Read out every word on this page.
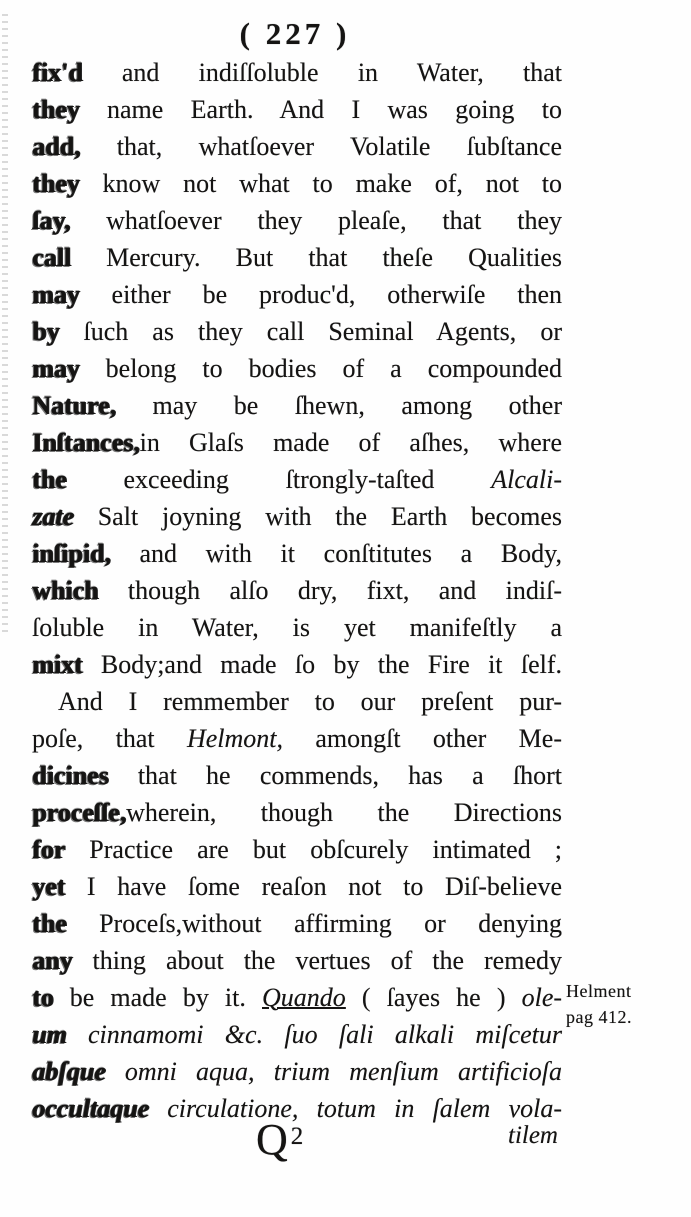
( 227 )
fix'd and indiſſoluble in Water, that
they name Earth. And I was going to
add, that, whatſoever Volatile ſubſtance
they know not what to make of, not to
ſay, whatſoever they pleaſe, that they
call Mercury. But that theſe Qualities
may either be produc'd, otherwiſe then
by ſuch as they call Seminal Agents, or
may belong to bodies of a compounded
Nature, may be ſhewn, among other
Inſtances,in Glaſs made of aſhes, where
the exceeding ſtrongly-taſted Alcali-
zate Salt joyning with the Earth becomes
inſipid, and with it conſtitutes a Body,
which though alſo dry, fixt, and indiſ-
ſoluble in Water, is yet manifeſtly a
mixt Body;and made ſo by the Fire it ſelf.
And I remmember to our preſent pur-
poſe, that Helmont, amongſt other Me-
dicines that he commends, has a ſhort
proceſſe,wherein, though the Directions
for Practice are but obſcurely intimated ;
yet I have ſome reaſon not to Diſ-believe
the Proceſs,without affirming or denying
any thing about the vertues of the remedy
to be made by it. Quando ( ſayes he ) ole-
um cinnamomi &c. ſuo ſali alkali miſcetur
abſque omni aqua, trium menſium artificioſa
occultaque circulatione, totum in ſalem vola-
Helment
pag 412.
Q $^2$	tilem
